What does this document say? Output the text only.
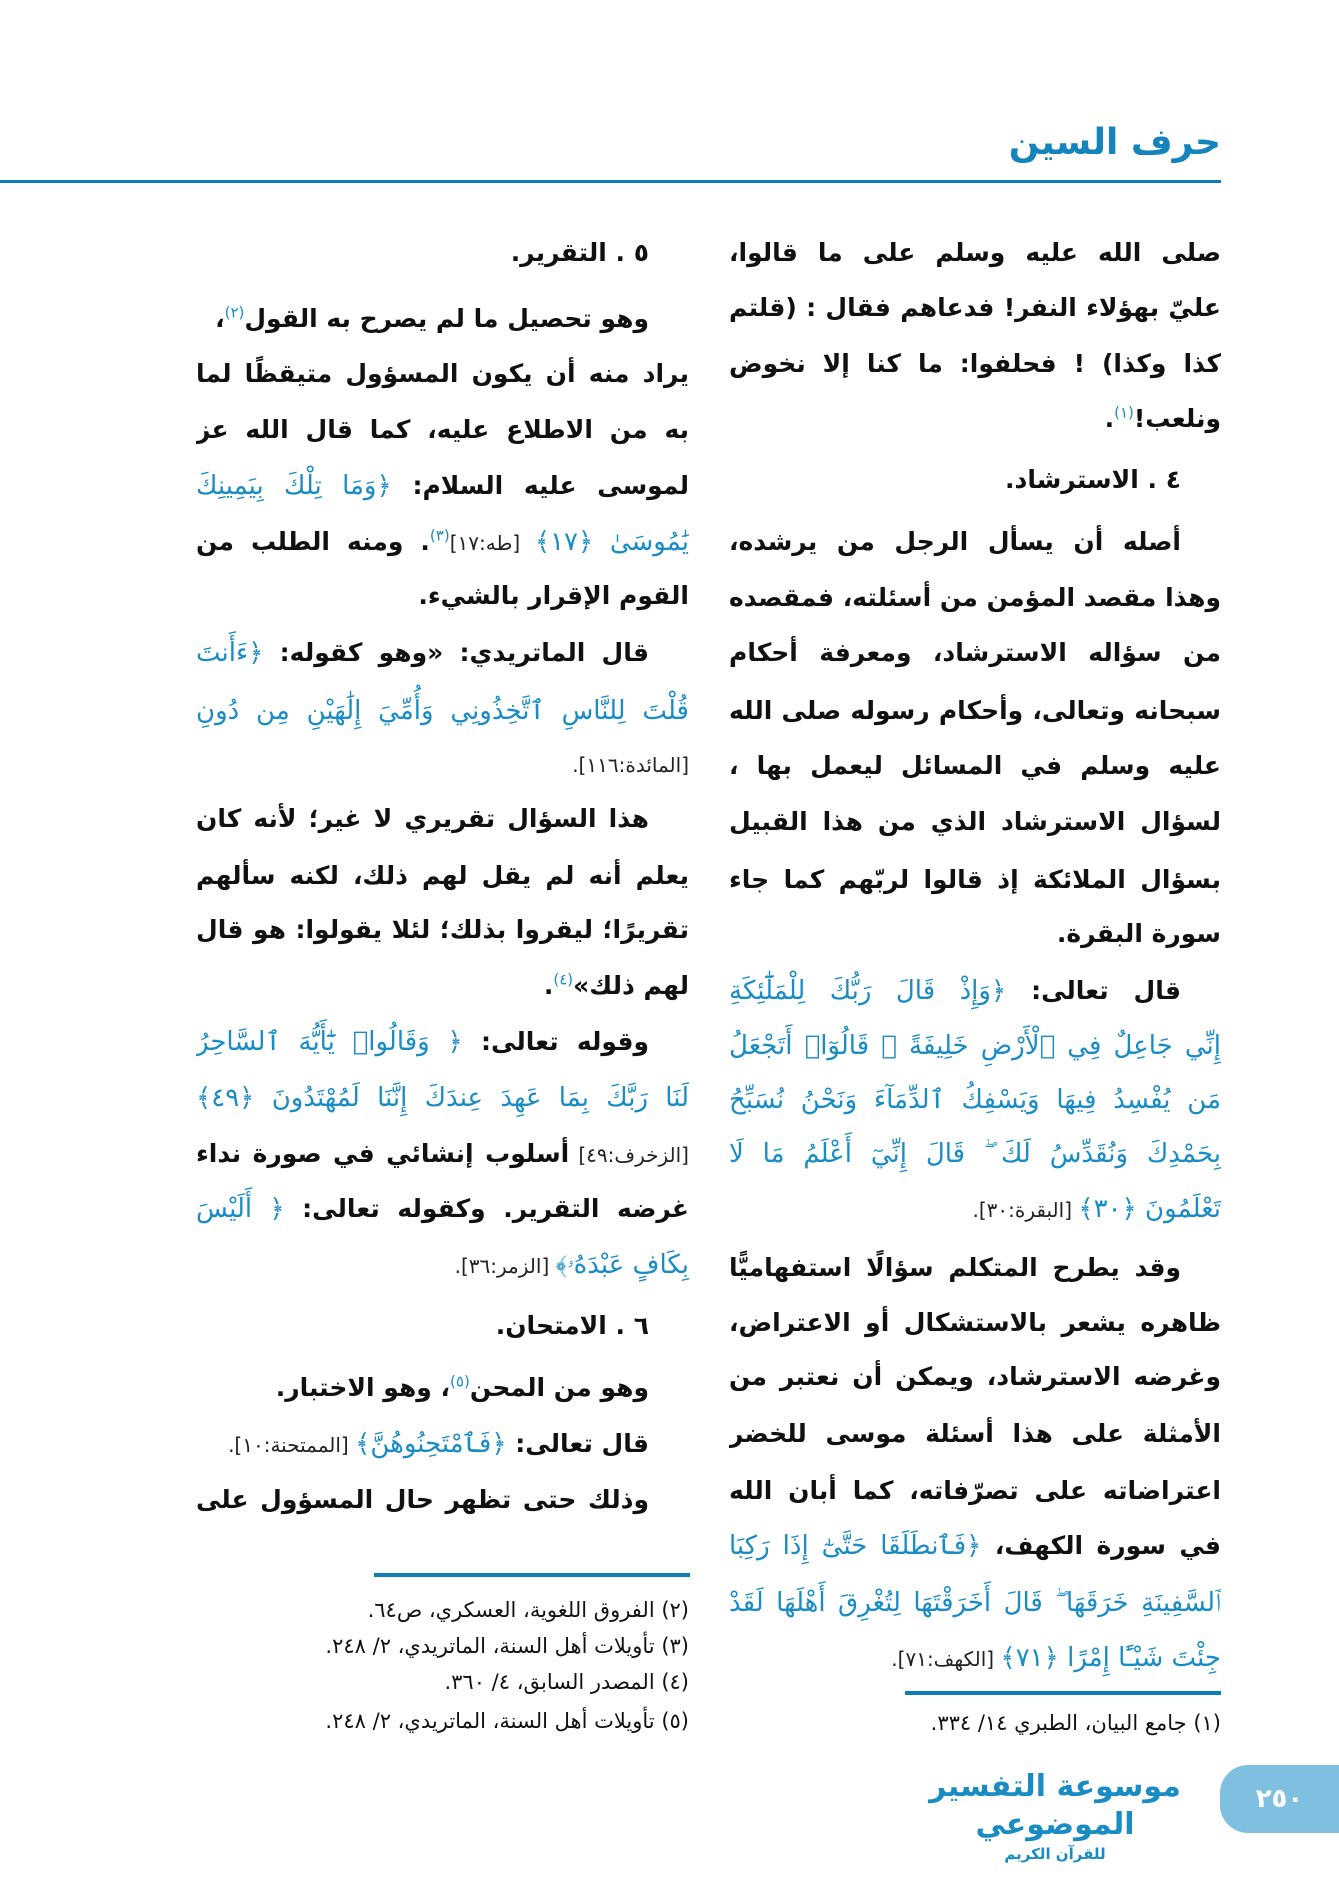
حرف السين
صلى الله عليه وسلم على ما قالوا،
عليّ بهؤلاء النفر! فدعاهم فقال : (قلتم
كذا وكذا) ! فحلفوا: ما كنا إلا نخوض
ونلعب!$^{(١)}$.
٤ . الاسترشاد.
أصله أن يسأل الرجل من يرشده،
وهذا مقصد المؤمن من أسئلته، فمقصده
من سؤاله الاسترشاد، ومعرفة أحكام
سبحانه وتعالى، وأحكام رسوله صلى الله
عليه وسلم في المسائل ليعمل بها ،
لسؤال الاسترشاد الذي من هذا القبيل
بسؤال الملائكة إذ قالوا لربّهم كما جاء
سورة البقرة.
قال تعالى: ﴿وَإِذْ قَالَ رَبُّكَ لِلْمَلَٰٓئِكَةِ
إِنِّي جَاعِلٌ فِي ٱلْأَرْضِ خَلِيفَةً ۖ قَالُوٓا۟ أَتَجْعَلُ
مَن يُفْسِدُ فِيهَا وَيَسْفِكُ ٱلدِّمَآءَ وَنَحْنُ نُسَبِّحُ
بِحَمْدِكَ وَنُقَدِّسُ لَكَ ۖ قَالَ إِنِّيٓ أَعْلَمُ مَا لَا
تَعْلَمُونَ ﴿٣٠﴾ [البقرة:٣٠].
وقد يطرح المتكلم سؤالًا استفهاميًّا
ظاهره يشعر بالاستشكال أو الاعتراض،
وغرضه الاسترشاد، ويمكن أن نعتبر من
الأمثلة على هذا أسئلة موسى للخضر
اعتراضاته على تصرّفاته، كما أبان الله
في سورة الكهف، ﴿فَٱنطَلَقَا حَتَّىٰٓ إِذَا رَكِبَا
ٱلسَّفِينَةِ خَرَقَهَا ۖ قَالَ أَخَرَقْتَهَا لِتُغْرِقَ أَهْلَهَا لَقَدْ
جِئْتَ شَيْـًٔا إِمْرًا ﴿٧١﴾ [الكهف:٧١].
٥ . التقرير.
وهو تحصيل ما لم يصرح به القول$^{(٢)}$،
يراد منه أن يكون المسؤول متيقظًا لما
به من الاطلاع عليه، كما قال الله عز
لموسى عليه السلام: ﴿وَمَا تِلْكَ بِيَمِينِكَ
يَٰمُوسَىٰ ﴿١٧﴾ [طه:١٧]$^{(٣)}$. ومنه الطلب من
القوم الإقرار بالشيء.
قال الماتريدي: «وهو كقوله: ﴿ءَأَنتَ
قُلْتَ لِلنَّاسِ ٱتَّخِذُونِي وَأُمِّيَ إِلَٰهَيْنِ مِن دُونِ
[المائدة:١١٦].
هذا السؤال تقريري لا غير؛ لأنه كان
يعلم أنه لم يقل لهم ذلك، لكنه سألهم
تقريرًا؛ ليقروا بذلك؛ لئلا يقولوا: هو قال
لهم ذلك»$^{(٤)}$.
وقوله تعالى: ﴿ وَقَالُوا۟ يَٰٓأَيُّهَ ٱلسَّاحِرُ
لَنَا رَبَّكَ بِمَا عَهِدَ عِندَكَ إِنَّنَا لَمُهْتَدُونَ ﴿٤٩﴾
[الزخرف:٤٩] أسلوب إنشائي في صورة نداء
غرضه التقرير. وكقوله تعالى: ﴿ أَلَيْسَ
بِكَافٍ عَبْدَهُۥ﴾ [الزمر:٣٦].
٦ . الامتحان.
وهو من المحن$^{(٥)}$، وهو الاختبار.
قال تعالى: ﴿فَٱمْتَحِنُوهُنَّ﴾ [الممتحنة:١٠].
وذلك حتى تظهر حال المسؤول على
(١) جامع البيان، الطبري ١٤/ ٣٣٤.
(٢) الفروق اللغوية، العسكري، ص٦٤.
(٣) تأويلات أهل السنة، الماتريدي، ٢/ ٢٤٨.
(٤) المصدر السابق، ٤/ ٣٦٠.
(٥) تأويلات أهل السنة، الماتريدي، ٢/ ٢٤٨.
موسوعة التفسير الموضوعي
للقرآن الكريم
٢٥٠
